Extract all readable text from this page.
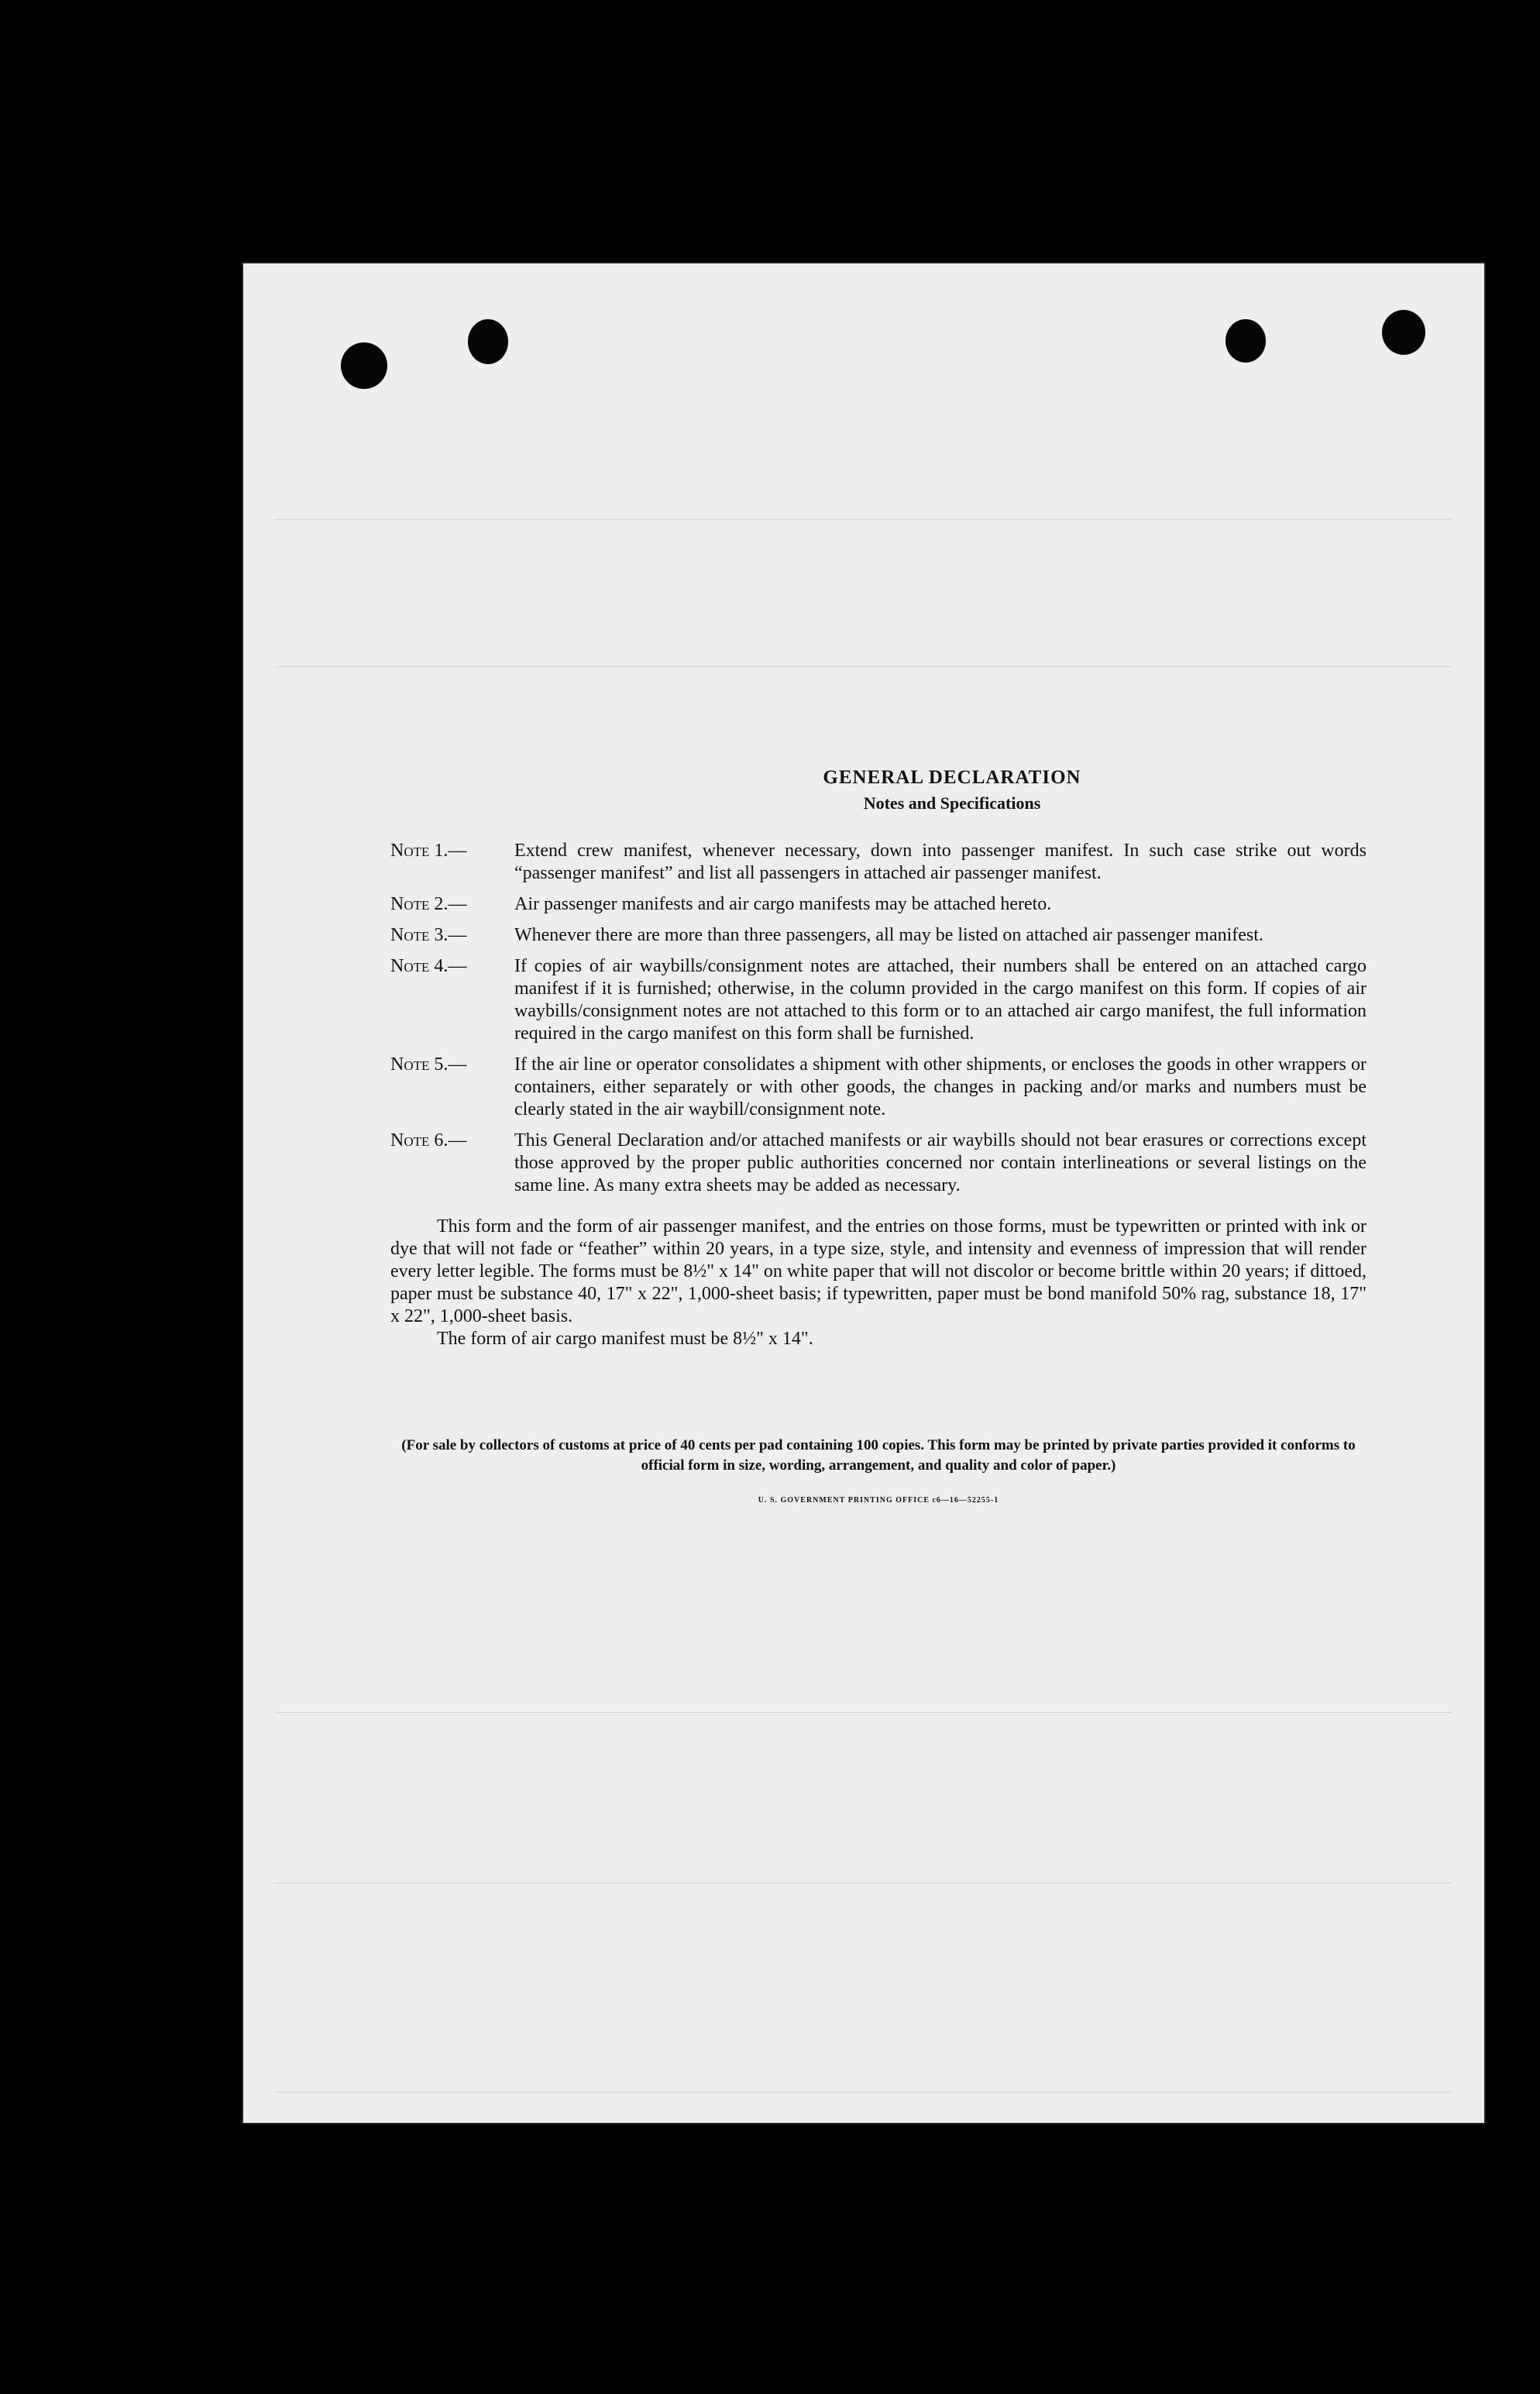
GENERAL DECLARATION
Notes and Specifications
Note 1.—	Extend crew manifest, whenever necessary, down into passenger manifest. In such case strike out words “passenger manifest” and list all passengers in attached air passenger manifest.
Note 2.—	Air passenger manifests and air cargo manifests may be attached hereto.
Note 3.—	Whenever there are more than three passengers, all may be listed on attached air passenger manifest.
Note 4.—	If copies of air waybills/consignment notes are attached, their numbers shall be entered on an attached cargo manifest if it is furnished; otherwise, in the column provided in the cargo manifest on this form. If copies of air waybills/consignment notes are not attached to this form or to an attached air cargo manifest, the full information required in the cargo manifest on this form shall be furnished.
Note 5.—	If the air line or operator consolidates a shipment with other shipments, or encloses the goods in other wrappers or containers, either separately or with other goods, the changes in packing and/or marks and numbers must be clearly stated in the air waybill/consignment note.
Note 6.—	This General Declaration and/or attached manifests or air waybills should not bear erasures or corrections except those approved by the proper public authorities concerned nor contain interlineations or several listings on the same line. As many extra sheets may be added as necessary.
This form and the form of air passenger manifest, and the entries on those forms, must be typewritten or printed with ink or dye that will not fade or “feather” within 20 years, in a type size, style, and intensity and evenness of impression that will render every letter legible. The forms must be 8½" x 14" on white paper that will not discolor or become brittle within 20 years; if dittoed, paper must be substance 40, 17" x 22", 1,000-sheet basis; if typewritten, paper must be bond manifold 50% rag, substance 18, 17" x 22", 1,000-sheet basis.
The form of air cargo manifest must be 8½" x 14".
(For sale by collectors of customs at price of 40 cents per pad containing 100 copies. This form may be printed by private parties provided it conforms to official form in size, wording, arrangement, and quality and color of paper.)
U. S. GOVERNMENT PRINTING OFFICE c6—16—52255-1
